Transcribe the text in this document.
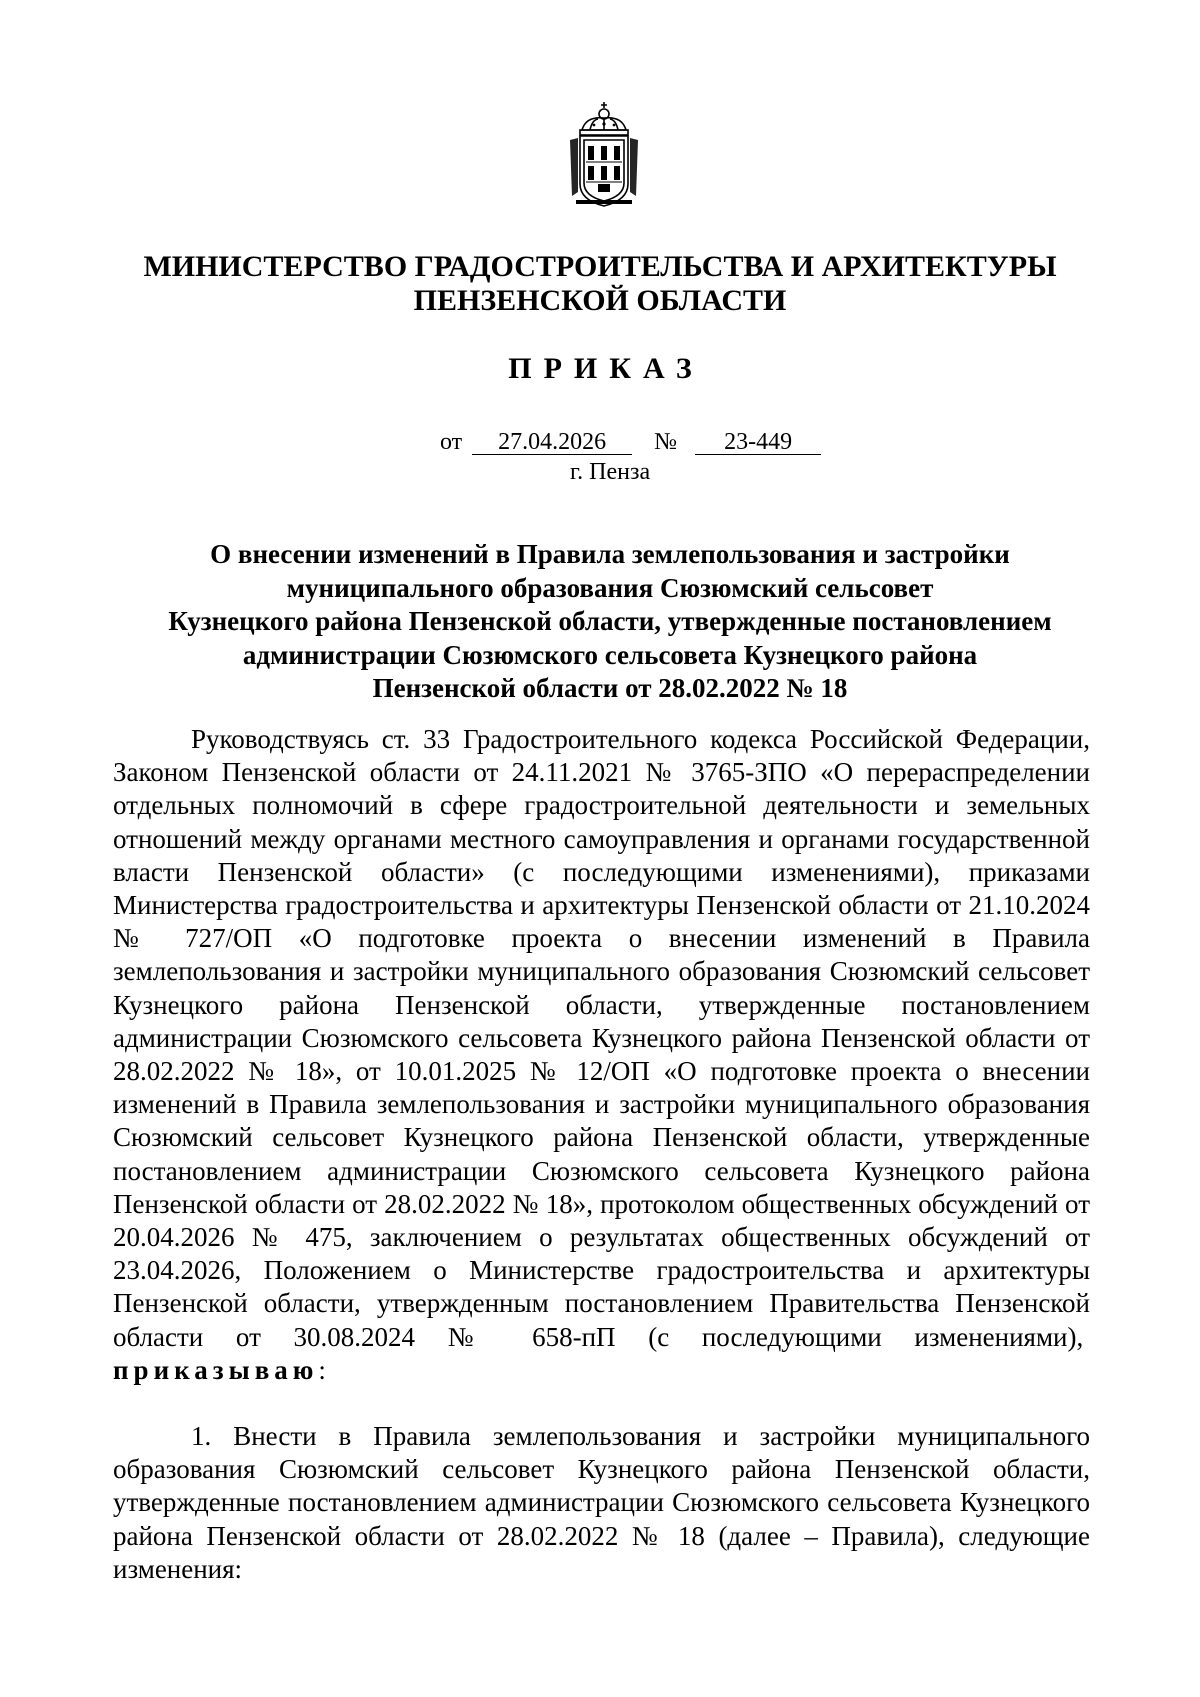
МИНИСТЕРСТВО ГРАДОСТРОИТЕЛЬСТВА И АРХИТЕКТУРЫ
ПЕНЗЕНСКОЙ ОБЛАСТИ
ПРИКАЗ
от 27.04.2026 № 23-449
г. Пенза
О внесении изменений в Правила землепользования и застройки
муниципального образования Сюзюмский сельсовет
Кузнецкого района Пензенской области, утвержденные постановлением
администрации Сюзюмского сельсовета Кузнецкого района
Пензенской области от 28.02.2022 № 18
Руководствуясь ст. 33 Градостроительного кодекса Российской Федерации, Законом Пензенской области от 24.11.2021 № 3765-ЗПО «О перераспределении отдельных полномочий в сфере градостроительной деятельности и земельных отношений между органами местного самоуправления и органами государственной власти Пензенской области» (с последующими изменениями), приказами Министерства градостроительства и архитектуры Пензенской области от 21.10.2024 № 727/ОП «О подготовке проекта о внесении изменений в Правила землепользования и застройки муниципального образования Сюзюмский сельсовет Кузнецкого района Пензенской области, утвержденные постановлением администрации Сюзюмского сельсовета Кузнецкого района Пензенской области от 28.02.2022 № 18», от 10.01.2025 № 12/ОП «О подготовке проекта о внесении изменений в Правила землепользования и застройки муниципального образования Сюзюмский сельсовет Кузнецкого района Пензенской области, утвержденные постановлением администрации Сюзюмского сельсовета Кузнецкого района Пензенской области от 28.02.2022 № 18», протоколом общественных обсуждений от 20.04.2026 № 475, заключением о результатах общественных обсуждений от 23.04.2026, Положением о Министерстве градостроительства и архитектуры Пензенской области, утвержденным постановлением Правительства Пензенской области от 30.08.2024 № 658-пП (с последующими изменениями),  приказываю:
1. Внести в Правила землепользования и застройки муниципального образования Сюзюмский сельсовет Кузнецкого района Пензенской области, утвержденные постановлением администрации Сюзюмского сельсовета Кузнецкого района Пензенской области от 28.02.2022 № 18 (далее – Правила), следующие изменения:
